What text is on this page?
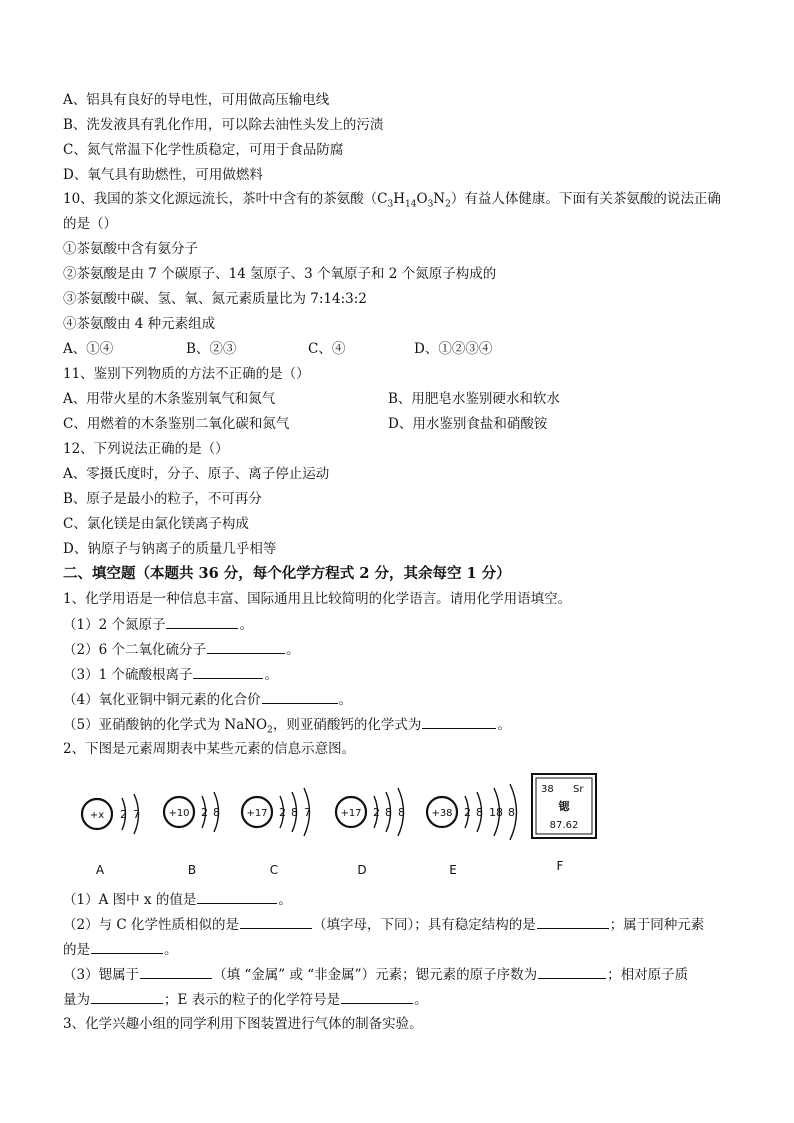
A、铝具有良好的导电性，可用做高压输电线
B、洗发液具有乳化作用，可以除去油性头发上的污渍
C、氮气常温下化学性质稳定，可用于食品防腐
D、氧气具有助燃性，可用做燃料
10、我国的茶文化源远流长，茶叶中含有的茶氨酸$(C_3H_{14}O_3N_2)$有益人体健康。下面有关茶氨酸的说法正确
的是（）
①茶氨酸中含有氨分子
②茶氨酸是由 7 个碳原子、14 氢原子、3 个氧原子和 2 个氮原子构成的
③茶氨酸中碳、氢、氧、氮元素质量比为 7:14:3:2
④茶氨酸由 4 种元素组成
A、①④	B、②③	C、④	D、①②③④
11、鉴别下列物质的方法不正确的是（）
A、用带火星的木条鉴别氧气和氮气	B、用肥皂水鉴别硬水和软水
C、用燃着的木条鉴别二氧化碳和氮气	D、用水鉴别食盐和硝酸铵
12、下列说法正确的是（）
A、零摄氏度时，分子、原子、离子停止运动
B、原子是最小的粒子，不可再分
C、氯化镁是由氯化镁离子构成
D、钠原子与钠离子的质量几乎相等
二、填空题（本题共 36 分，每个化学方程式 2 分，其余每空 1 分）
1、化学用语是一种信息丰富、国际通用且比较简明的化学语言。请用化学用语填空。
（1）2 个氮原子	。
（2）6 个二氧化硫分子	。
（3）1 个硫酸根离子	。
（4）氧化亚铜中铜元素的化合价	。
（5）亚硝酸钠的化学式为 NaNO$_2$，则亚硝酸钙的化学式为	。
2、下图是元素周期表中某些元素的信息示意图。
+x 2 7
A
+10 2 8
B
+17 2 8 7
C
+17 2 8 8
D
+38 2 8 18 8
E
38 Sr
锶
87.62
F
（1）A 图中 x 的值是	。
（2）与 C 化学性质相似的是	（填字母，下同）；具有稳定结构的是	；属于同种元素
的是	。
（3）锶属于	（填 “金属” 或 “非金属”）元素；锶元素的原子序数为	；相对原子质
量为	；E 表示的粒子的化学符号是	。
3、化学兴趣小组的同学利用下图装置进行气体的制备实验。
